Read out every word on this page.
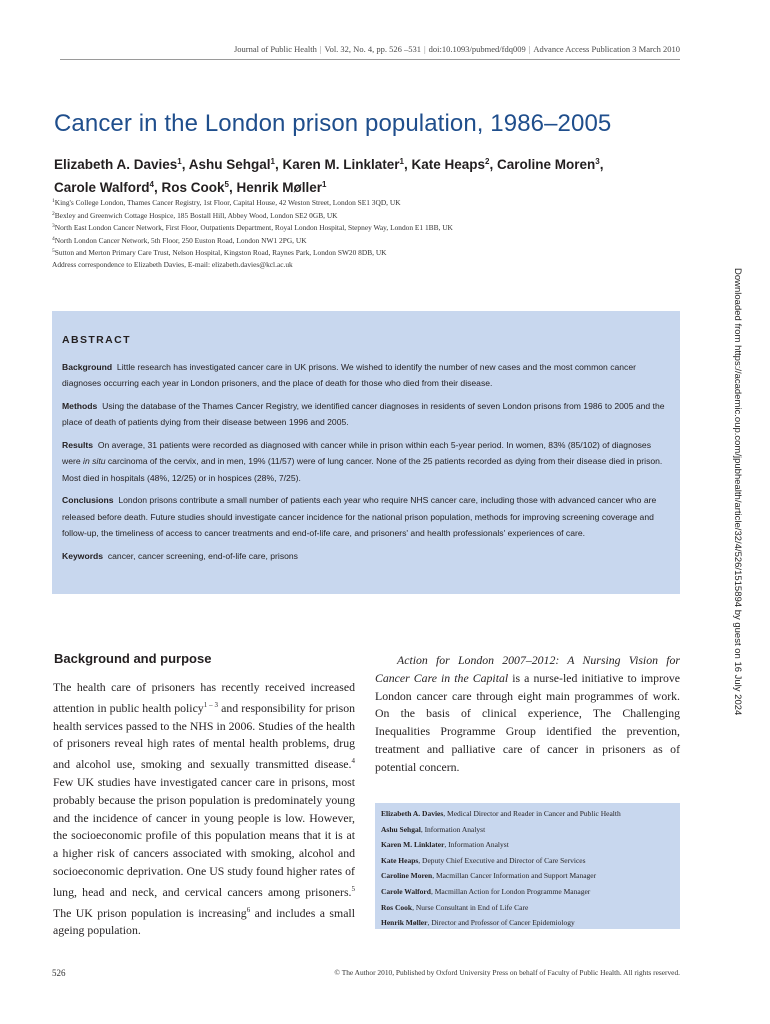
Journal of Public Health | Vol. 32, No. 4, pp. 526 –531 | doi:10.1093/pubmed/fdq009 | Advance Access Publication 3 March 2010
Cancer in the London prison population, 1986–2005
Elizabeth A. Davies$^1$, Ashu Sehgal$^1$, Karen M. Linklater$^1$, Kate Heaps$^2$, Caroline Moren$^3$,
Carole Walford$^4$, Ros Cook$^5$, Henrik Møller$^1$
$^1$King's College London, Thames Cancer Registry, 1st Floor, Capital House, 42 Weston Street, London SE1 3QD, UK
$^2$Bexley and Greenwich Cottage Hospice, 185 Bostall Hill, Abbey Wood, London SE2 0GB, UK
$^3$North East London Cancer Network, First Floor, Outpatients Department, Royal London Hospital, Stepney Way, London E1 1BB, UK
$^4$North London Cancer Network, 5th Floor, 250 Euston Road, London NW1 2PG, UK
$^5$Sutton and Merton Primary Care Trust, Nelson Hospital, Kingston Road, Raynes Park, London SW20 8DB, UK
Address correspondence to Elizabeth Davies, E-mail: elizabeth.davies@kcl.ac.uk
Downloaded from https://academic.oup.com/jpubhealth/article/32/4/526/1515894 by guest on 16 July 2024
ABSTRACT

Background Little research has investigated cancer care in UK prisons. We wished to identify the number of new cases and the most common cancer diagnoses occurring each year in London prisoners, and the place of death for those who died from their disease.

Methods Using the database of the Thames Cancer Registry, we identified cancer diagnoses in residents of seven London prisons from 1986 to 2005 and the place of death of patients dying from their disease between 1996 and 2005.

Results On average, 31 patients were recorded as diagnosed with cancer while in prison within each 5-year period. In women, 83% (85/102) of diagnoses were in situ carcinoma of the cervix, and in men, 19% (11/57) were of lung cancer. None of the 25 patients recorded as dying from their disease died in prison. Most died in hospitals (48%, 12/25) or in hospices (28%, 7/25).

Conclusions London prisons contribute a small number of patients each year who require NHS cancer care, including those with advanced cancer who are released before death. Future studies should investigate cancer incidence for the national prison population, methods for improving screening coverage and follow-up, the timeliness of access to cancer treatments and end-of-life care, and prisoners' and health professionals' experiences of care.

Keywords cancer, cancer screening, end-of-life care, prisons

Background and purpose

The health care of prisoners has recently received increased attention in public health policy$^{1 - 3}$ and responsibility for prison health services passed to the NHS in 2006. Studies of the health of prisoners reveal high rates of mental health problems, drug and alcohol use, smoking and sexually transmitted disease.$^4$ Few UK studies have investigated cancer care in prisons, most probably because the prison population is predominately young and the incidence of cancer in young people is low. However, the socioeconomic profile of this population means that it is at a higher risk of cancers associated with smoking, alcohol and socioeconomic deprivation. One US study found higher rates of lung, head and neck, and cervical cancers among prisoners.$^5$ The UK prison population is increasing$^6$ and includes a small ageing population.

Action for London 2007–2012: A Nursing Vision for Cancer Care in the Capital is a nurse-led initiative to improve London cancer care through eight main programmes of work. On the basis of clinical experience, The Challenging Inequalities Programme Group identified the prevention, treatment and palliative care of cancer in prisoners as of potential concern.

Elizabeth A. Davies, Medical Director and Reader in Cancer and Public Health
Ashu Sehgal, Information Analyst
Karen M. Linklater, Information Analyst
Kate Heaps, Deputy Chief Executive and Director of Care Services
Caroline Moren, Macmillan Cancer Information and Support Manager
Carole Walford, Macmillan Action for London Programme Manager
Ros Cook, Nurse Consultant in End of Life Care
Henrik Møller, Director and Professor of Cancer Epidemiology
526	© The Author 2010, Published by Oxford University Press on behalf of Faculty of Public Health. All rights reserved.
